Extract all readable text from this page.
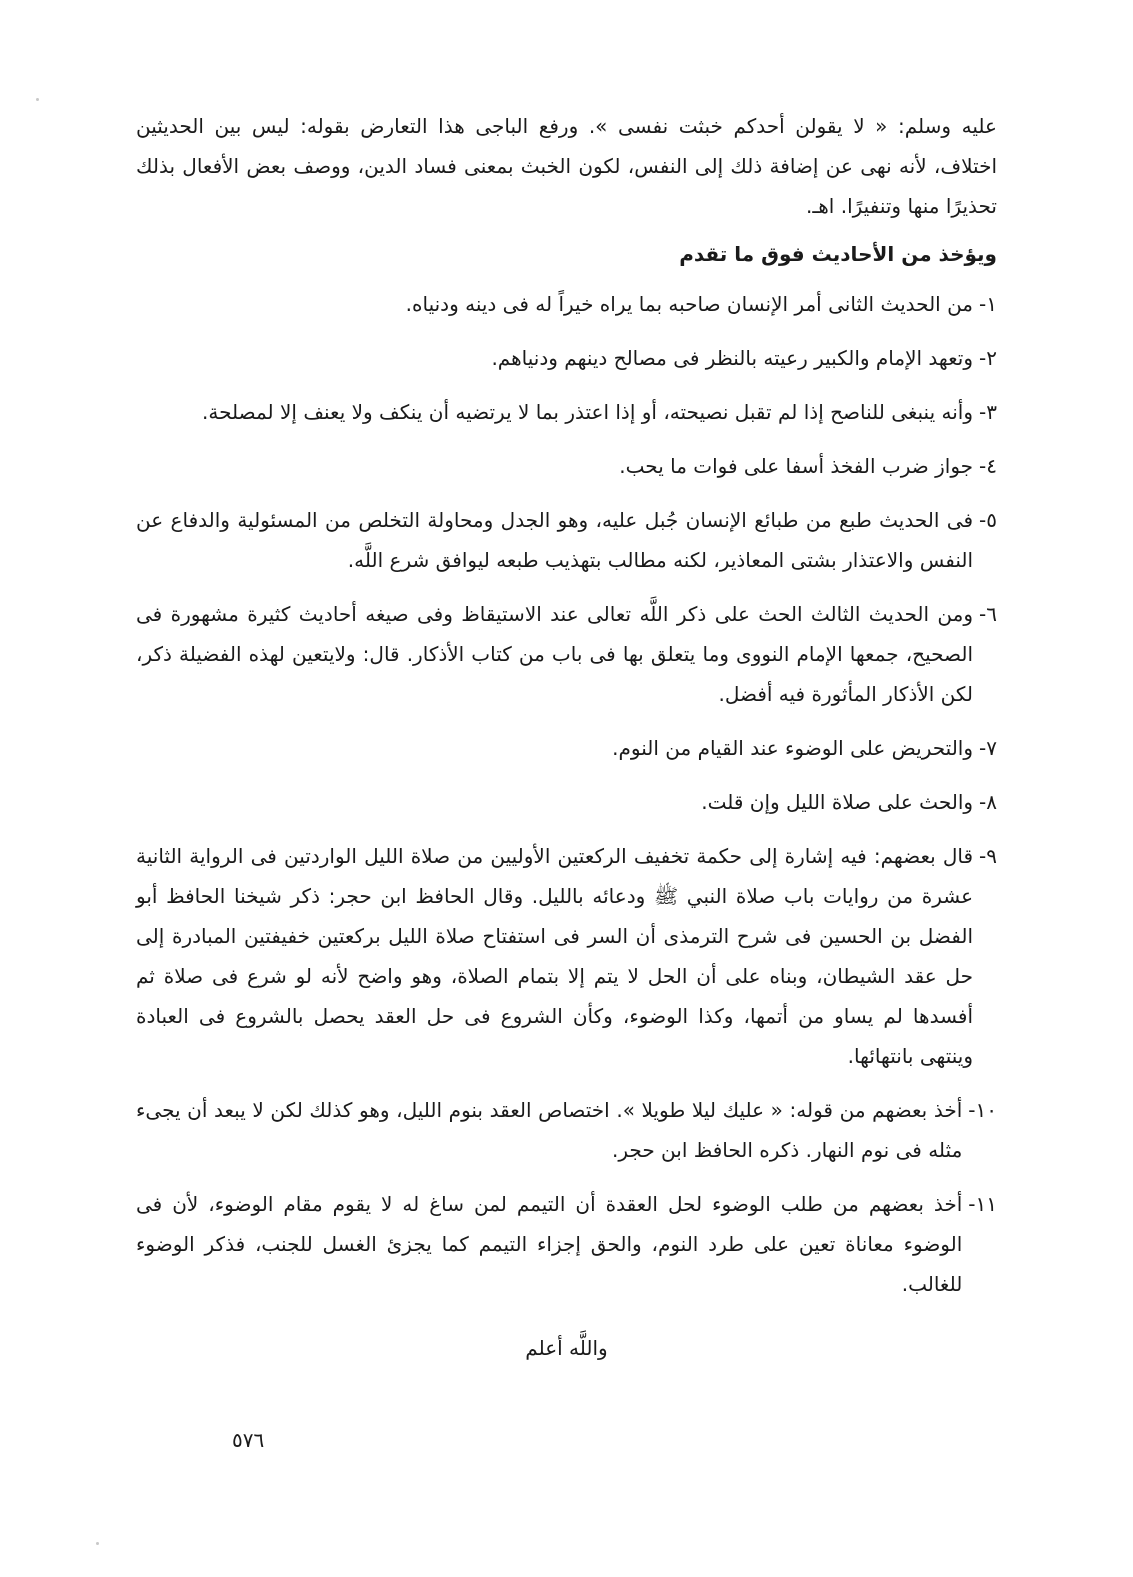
عليه وسلم: « لا يقولن أحدكم خبثت نفسى ». ورفع الباجى هذا التعارض بقوله: ليس بين الحديثين اختلاف، لأنه نهى عن إضافة ذلك إلى النفس، لكون الخبث بمعنى فساد الدين، ووصف بعض الأفعال بذلك تحذيرًا منها وتنفيرًا. اهـ.

ويؤخذ من الأحاديث فوق ما تقدم
١-
من الحديث الثانى أمر الإنسان صاحبه بما يراه خيراً له فى دينه ودنياه.
٢-
وتعهد الإمام والكبير رعيته بالنظر فى مصالح دينهم ودنياهم.
٣-
وأنه ينبغى للناصح إذا لم تقبل نصيحته، أو إذا اعتذر بما لا يرتضيه أن ينكف ولا يعنف إلا لمصلحة.
٤-
جواز ضرب الفخذ أسفا على فوات ما يحب.
٥-
فى الحديث طبع من طبائع الإنسان جُبل عليه، وهو الجدل ومحاولة التخلص من المسئولية والدفاع عن النفس والاعتذار بشتى المعاذير، لكنه مطالب بتهذيب طبعه ليوافق شرع اللَّه.
٦-
ومن الحديث الثالث الحث على ذكر اللَّه تعالى عند الاستيقاظ وفى صيغه أحاديث كثيرة مشهورة فى الصحيح، جمعها الإمام النووى وما يتعلق بها فى باب من كتاب الأذكار. قال: ولايتعين لهذه الفضيلة ذكر، لكن الأذكار المأثورة فيه أفضل.
٧-
والتحريض على الوضوء عند القيام من النوم.
٨-
والحث على صلاة الليل وإن قلت.
٩-
قال بعضهم: فيه إشارة إلى حكمة تخفيف الركعتين الأوليين من صلاة الليل الواردتين فى الرواية الثانية عشرة من روايات باب صلاة النبي ﷺ ودعائه بالليل. وقال الحافظ ابن حجر: ذكر شيخنا الحافظ أبو الفضل بن الحسين فى شرح الترمذى أن السر فى استفتاح صلاة الليل بركعتين خفيفتين المبادرة إلى حل عقد الشيطان، وبناه على أن الحل لا يتم إلا بتمام الصلاة، وهو واضح لأنه لو شرع فى صلاة ثم أفسدها لم يساو من أتمها، وكذا الوضوء، وكأن الشروع فى حل العقد يحصل بالشروع فى العبادة وينتهى بانتهائها.
١٠-
أخذ بعضهم من قوله: « عليك ليلا طويلا ». اختصاص العقد بنوم الليل، وهو كذلك لكن لا يبعد أن يجىء مثله فى نوم النهار. ذكره الحافظ ابن حجر.
١١-
أخذ بعضهم من طلب الوضوء لحل العقدة أن التيمم لمن ساغ له لا يقوم مقام الوضوء، لأن فى الوضوء معاناة تعين على طرد النوم، والحق إجزاء التيمم كما يجزئ الغسل للجنب، فذكر الوضوء للغالب.
واللَّه أعلم
٥٧٦
